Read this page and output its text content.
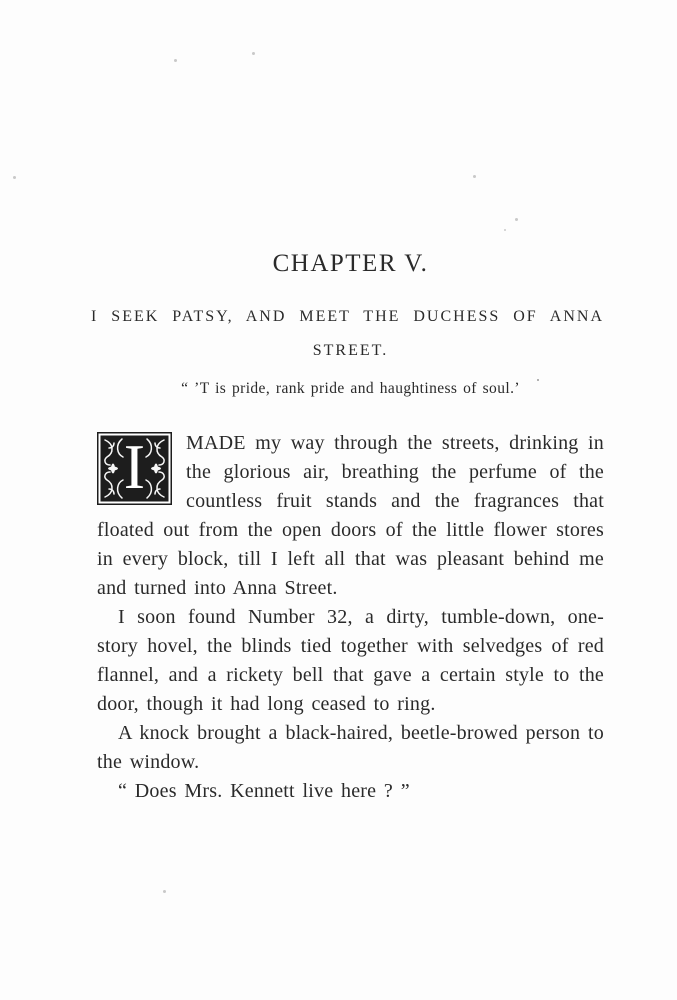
CHAPTER V.
I SEEK PATSY, AND MEET THE DUCHESS OF ANNA
STREET.
“ ’T is pride, rank pride and haughtiness of soul.’

I MADE my way through the streets, drinking in the glorious air, breathing the perfume of the countless fruit stands and the fragrances that floated out from the open doors of the little flower stores in every block, till I left all that was pleasant behind me and turned into Anna Street.

I soon found Number 32, a dirty, tumble-down, one-story hovel, the blinds tied together with selvedges of red flannel, and a rickety bell that gave a certain style to the door, though it had long ceased to ring.

A knock brought a black-haired, beetle-browed person to the window.

“ Does Mrs. Kennett live here ? ”
